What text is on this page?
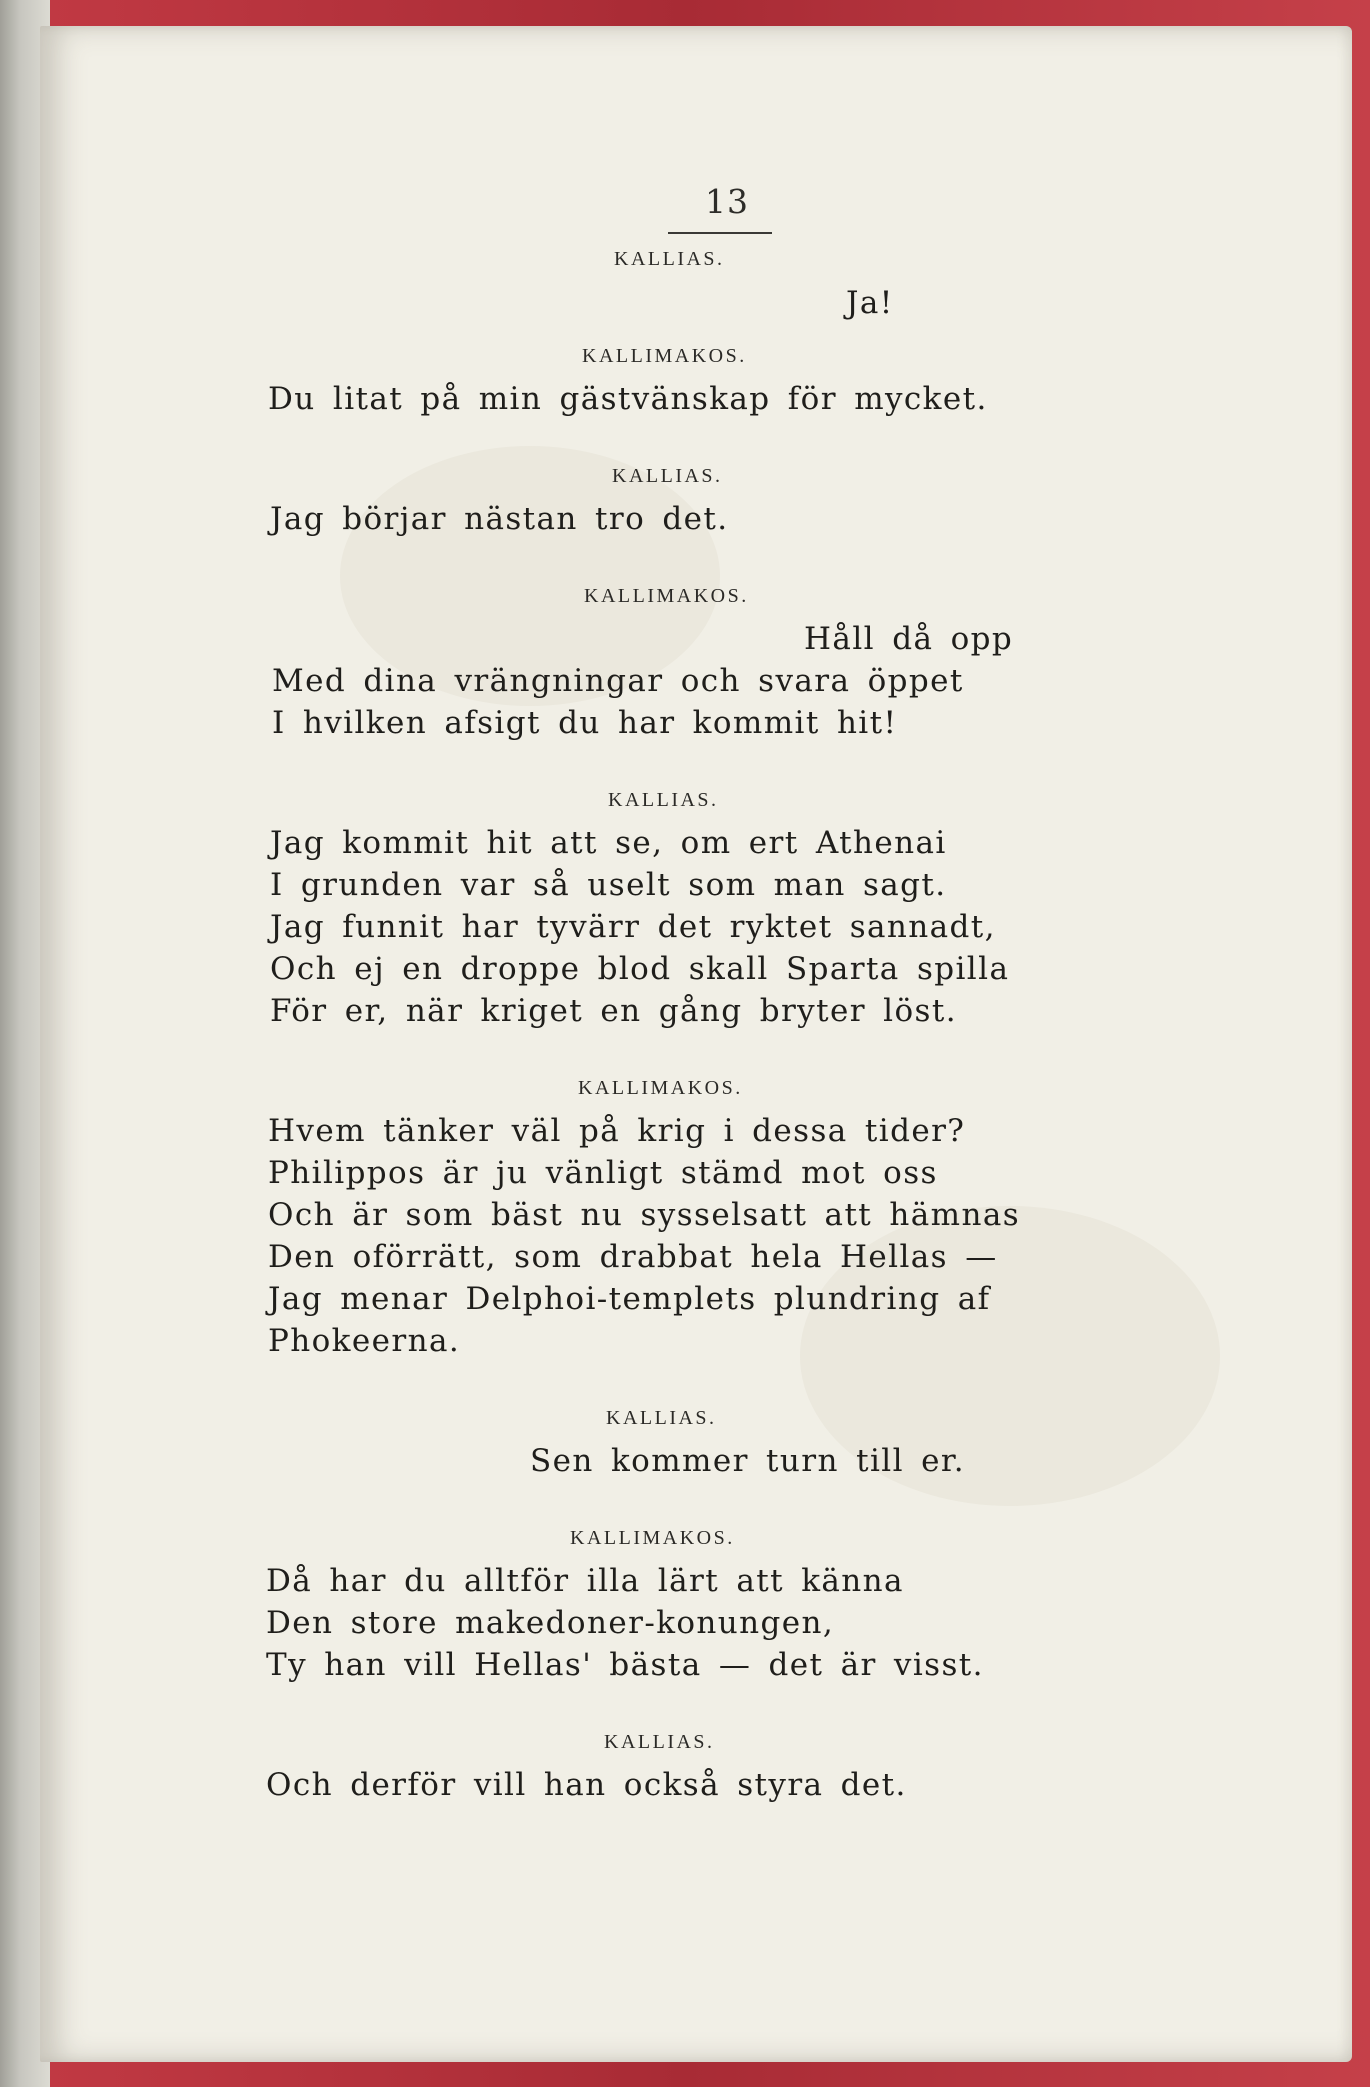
13
KALLIAS.
Ja!
KALLIMAKOS.
Du litat på min gästvänskap för mycket.
KALLIAS.
Jag börjar nästan tro det.
KALLIMAKOS.
Håll då opp
Med dina vrängningar och svara öppet
I hvilken afsigt du har kommit hit!
KALLIAS.
Jag kommit hit att se, om ert Athenai
I grunden var så uselt som man sagt.
Jag funnit har tyvärr det ryktet sannadt,
Och ej en droppe blod skall Sparta spilla
För er, när kriget en gång bryter löst.
KALLIMAKOS.
Hvem tänker väl på krig i dessa tider?
Philippos är ju vänligt stämd mot oss
Och är som bäst nu sysselsatt att hämnas
Den oförrätt, som drabbat hela Hellas —
Jag menar Delphoi-templets plundring af
Phokeerna.
KALLIAS.
Sen kommer turn till er.
KALLIMAKOS.
Då har du alltför illa lärt att känna
Den store makedoner-konungen,
Ty han vill Hellas' bästa — det är visst.
KALLIAS.
Och derför vill han också styra det.
